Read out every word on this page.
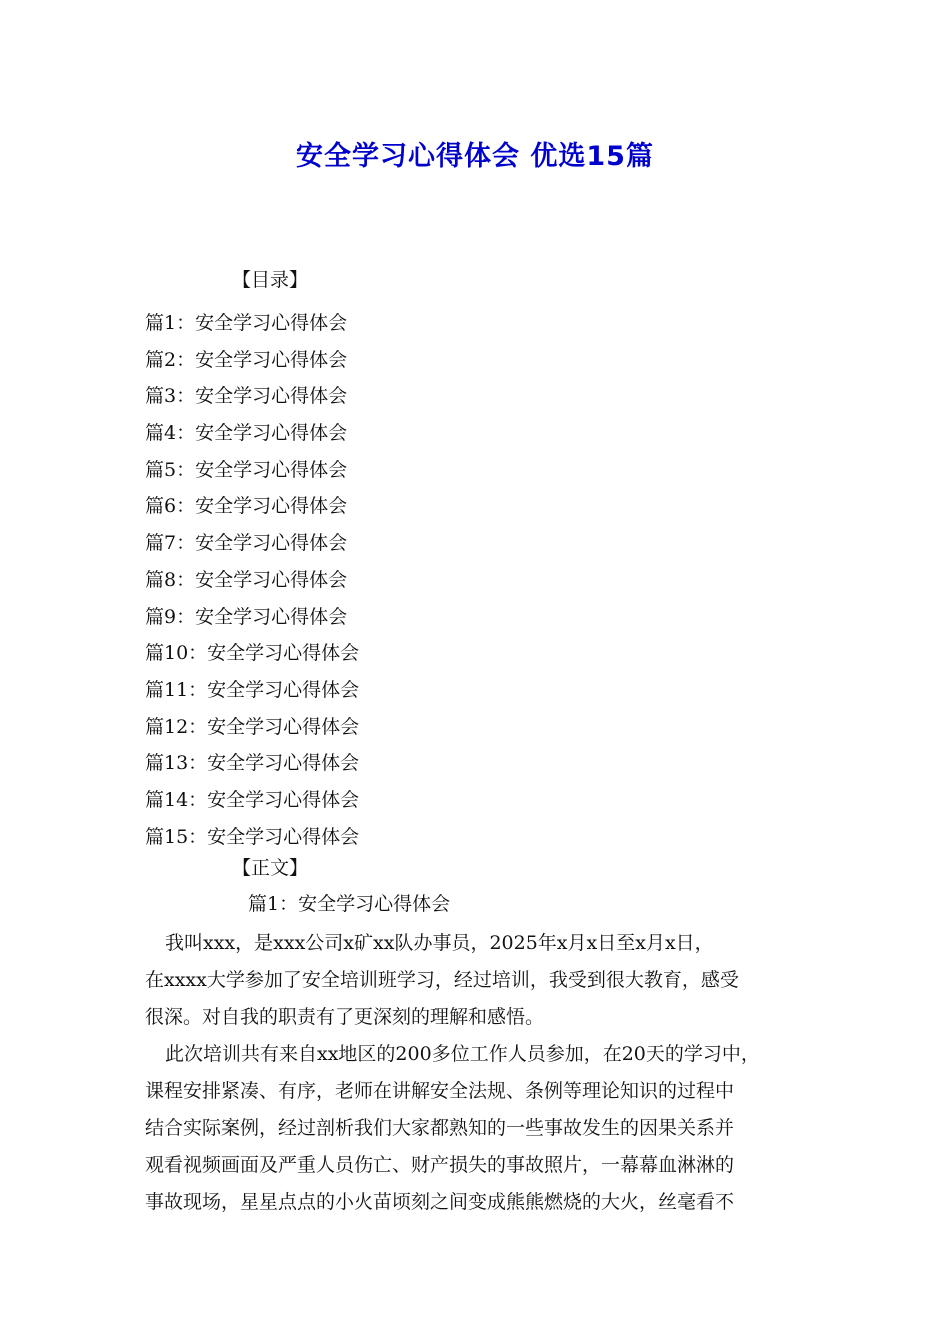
安全学习心得体会 优选15篇
【目录】
篇1：安全学习心得体会
篇2：安全学习心得体会
篇3：安全学习心得体会
篇4：安全学习心得体会
篇5：安全学习心得体会
篇6：安全学习心得体会
篇7：安全学习心得体会
篇8：安全学习心得体会
篇9：安全学习心得体会
篇10：安全学习心得体会
篇11：安全学习心得体会
篇12：安全学习心得体会
篇13：安全学习心得体会
篇14：安全学习心得体会
篇15：安全学习心得体会
【正文】
篇1：安全学习心得体会
我叫xxx，是xxx公司x矿xx队办事员，2025年x月x日至x月x日，
在xxxx大学参加了安全培训班学习，经过培训，我受到很大教育，感受
很深。对自我的职责有了更深刻的理解和感悟。
此次培训共有来自xx地区的200多位工作人员参加，在20天的学习中，
课程安排紧凑、有序，老师在讲解安全法规、条例等理论知识的过程中
结合实际案例，经过剖析我们大家都熟知的一些事故发生的因果关系并
观看视频画面及严重人员伤亡、财产损失的事故照片，一幕幕血淋淋的
事故现场，星星点点的小火苗顷刻之间变成熊熊燃烧的大火，丝毫看不
